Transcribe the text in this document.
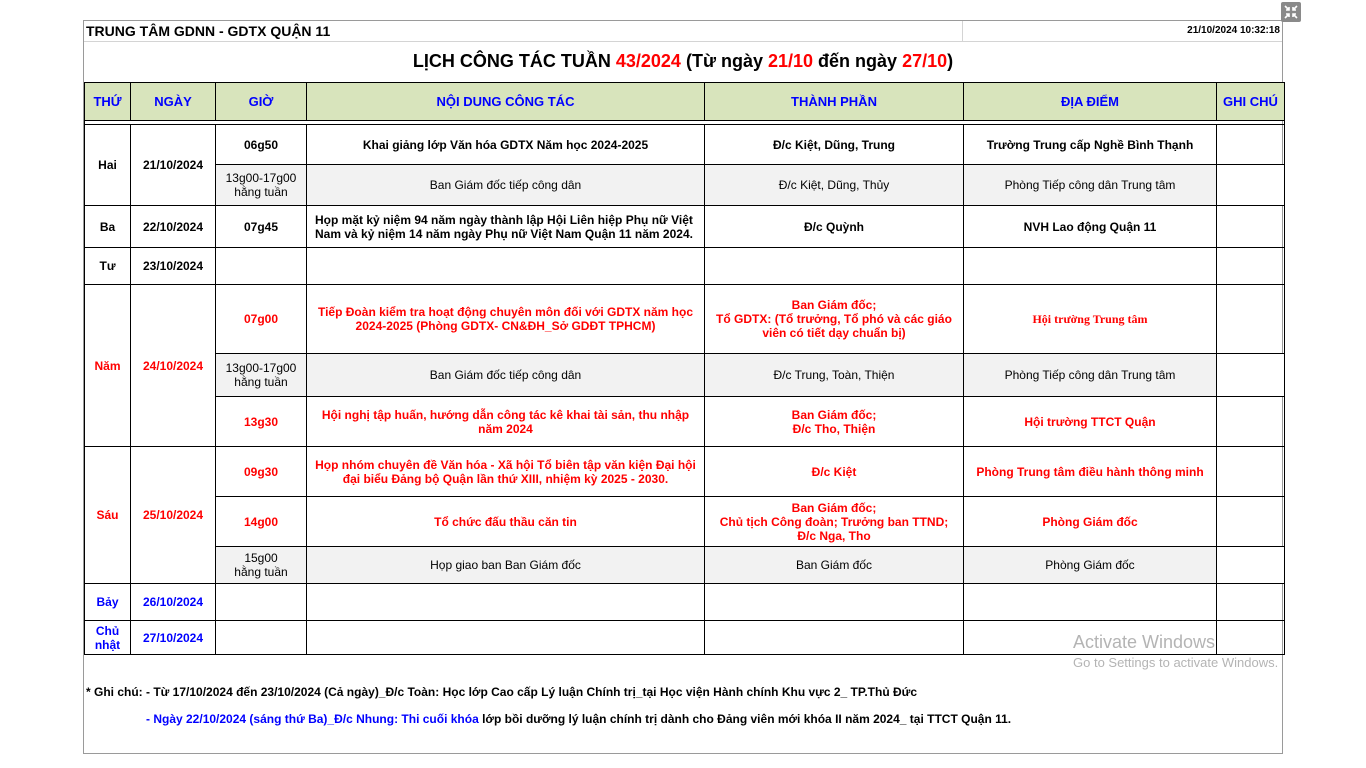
TRUNG TÂM GDNN - GDTX QUẬN 11	21/10/2024 10:32:18
LỊCH CÔNG TÁC TUẦN 43/2024 (Từ ngày 21/10 đến ngày 27/10)
THỨ	NGÀY	GIỜ	NỘI DUNG CÔNG TÁC	THÀNH PHẦN	ĐỊA ĐIỂM	GHI CHÚ

Hai	21/10/2024	06g50	Khai giảng lớp Văn hóa GDTX Năm học 2024-2025	Đ/c Kiệt, Dũng, Trung	Trường Trung cấp Nghề Bình Thạnh	
		13g00-17g00
hằng tuần	Ban Giám đốc tiếp công dân	Đ/c Kiệt, Dũng, Thủy	Phòng Tiếp công dân Trung tâm	
Ba	22/10/2024	07g45	Họp mặt kỷ niệm 94 năm ngày thành lập Hội Liên hiệp Phụ nữ Việt Nam và kỷ niệm 14 năm ngày Phụ nữ Việt Nam Quận 11 năm 2024.	Đ/c Quỳnh	NVH Lao động Quận 11	
Tư	23/10/2024					
Năm	24/10/2024	07g00	Tiếp Đoàn kiểm tra hoạt động chuyên môn đối với GDTX năm học 2024-2025 (Phòng GDTX- CN&ĐH_Sở GDĐT TPHCM)	Ban Giám đốc;
Tổ GDTX: (Tổ trưởng, Tổ phó và các giáo viên có tiết dạy chuẩn bị)	Hội trường Trung tâm	
		13g00-17g00
hằng tuần	Ban Giám đốc tiếp công dân	Đ/c Trung, Toàn, Thiện	Phòng Tiếp công dân Trung tâm	
		13g30	Hội nghị tập huấn, hướng dẫn công tác kê khai tài sản, thu nhập năm 2024	Ban Giám đốc;
Đ/c Tho, Thiện	Hội trường TTCT Quận	
Sáu	25/10/2024	09g30	Họp nhóm chuyên đề Văn hóa - Xã hội Tổ biên tập văn kiện Đại hội đại biểu Đảng bộ Quận lần thứ XIII, nhiệm kỳ 2025 - 2030.	Đ/c Kiệt	Phòng Trung tâm điều hành thông minh	
		14g00	Tổ chức đấu thầu căn tin	Ban Giám đốc;
Chủ tịch Công đoàn; Trưởng ban TTND;
Đ/c Nga, Tho	Phòng Giám đốc	
		15g00
hằng tuần	Họp giao ban Ban Giám đốc	Ban Giám đốc	Phòng Giám đốc	
Bảy	26/10/2024					
Chủ
nhật	27/10/2024					
* Ghi chú: - Từ 17/10/2024 đến 23/10/2024 (Cả ngày)_Đ/c Toàn: Học lớp Cao cấp Lý luận Chính trị_tại Học viện Hành chính Khu vực 2_ TP.Thủ Đức
- Ngày 22/10/2024 (sáng thứ Ba)_Đ/c Nhung: Thi cuối khóa lớp bồi dưỡng lý luận chính trị dành cho Đảng viên mới khóa II năm 2024_ tại TTCT Quận 11.
Activate Windows
Go to Settings to activate Windows.
